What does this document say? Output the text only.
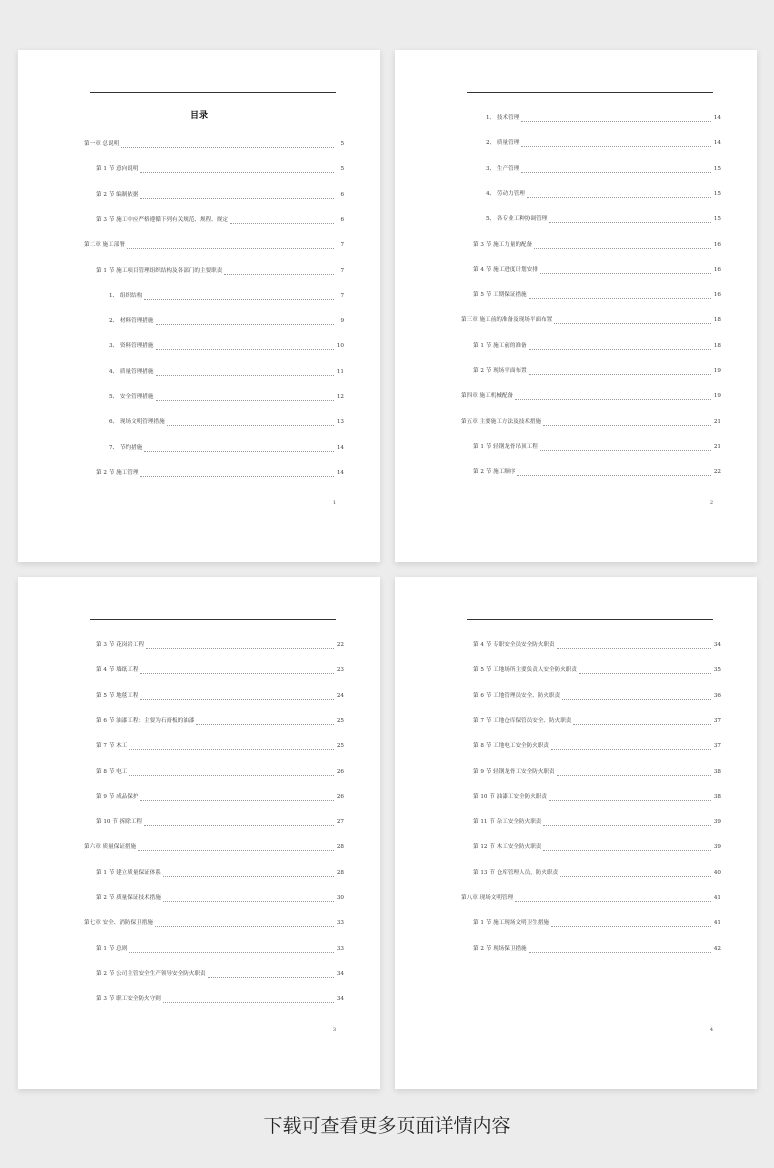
目录
第一章 总说明	5
第 1 节 意向说明	5
第 2 节 编制依据	6
第 3 节 施工中应严格遵循下列有关规范、规程、规定	6
第二章 施工部署	7
第 1 节 施工项目管理组织结构及各部门的主要职责	7
1、 组织结构	7
2、 材料管理措施	9
3、 资料管理措施	10
4、 质量管理措施	11
5、 安全管理措施	12
6、 现场文明管理措施	13
7、 节约措施	14
第 2 节 施工管理	14
1
1、 技术管理	14
2、 质量管理	14
3、 生产管理	15
4、 劳动力管理	15
5、 各专业工种协调管理	15
第 3 节 施工力量的配备	16
第 4 节 施工进度计划安排	16
第 5 节 工期保证措施	16
第三章 施工前的准备及现场平面布置	18
第 1 节 施工前的准备	18
第 2 节 现场平面布置	19
第四章 施工机械配备	19
第五章 主要施工方法及技术措施	21
第 1 节 轻钢龙骨吊顶工程	21
第 2 节 施工顺序	22
2
第 3 节 花岗岩工程	22
第 4 节 墙纸工程	23
第 5 节 地毯工程	24
第 6 节 油漆工程：主要为石膏板的油漆	25
第 7 节 木工	25
第 8 节 电工	26
第 9 节 成品保护	26
第 10 节 拆除工程	27
第六章 质量保证措施	28
第 1 节 建立质量保证体系	28
第 2 节 质量保证技术措施	30
第七章 安全、消防保卫措施	33
第 1 节 总则	33
第 2 节 公司主管安全生产领导安全防火职责	34
第 3 节 职工安全防火守则	34
3
第 4 节 专职安全员安全防火职责	34
第 5 节 工地场所主要负责人安全防火职责	35
第 6 节 工地管理员安全、防火职责	36
第 7 节 工地仓库保管员安全、防火职责	37
第 8 节 工地电工安全防火职责	37
第 9 节 轻钢龙骨工安全防火职责	38
第 10 节 油漆工安全防火职责	38
第 11 节 杂工安全防火职责	39
第 12 节 木工安全防火职责	39
第 13 节 仓库管理人员，防火职责	40
第八章 现场文明管理	41
第 1 节 施工现场文明卫生措施	41
第 2 节 现场保卫措施	42
4
下载可查看更多页面详情内容
